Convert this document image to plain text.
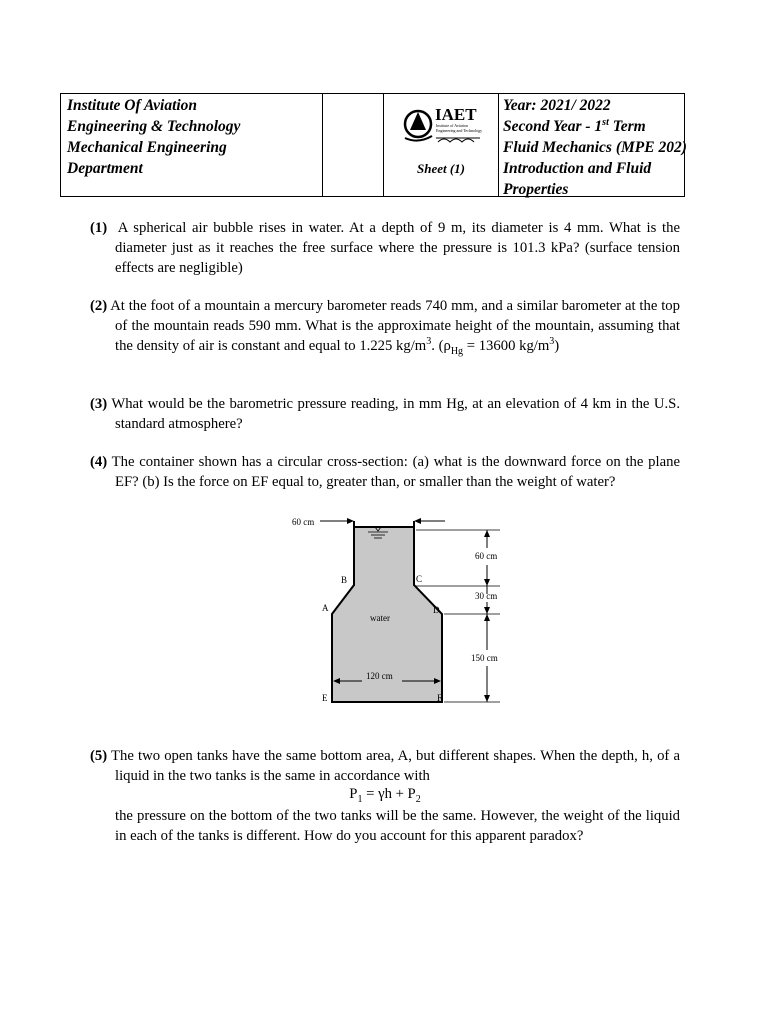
Institute Of Aviation
Engineering & Technology
Mechanical Engineering
Department
IAET
Institute of Aviation
Engineering and Technology
Sheet (1)
Year: 2021/ 2022
Second Year - 1st Term
Fluid Mechanics (MPE 202)
Introduction and Fluid
Properties

(1) A spherical air bubble rises in water. At a depth of 9 m, its diameter is 4 mm. What is the diameter just as it reaches the free surface where the pressure is 101.3 kPa? (surface tension effects are negligible)

(2) At the foot of a mountain a mercury barometer reads 740 mm, and a similar barometer at the top of the mountain reads 590 mm. What is the approximate height of the mountain, assuming that the density of air is constant and equal to 1.225 $kg/m^3$. ($\rho_{Hg} = 13600$ $kg/m^3$)

(3) What would be the barometric pressure reading, in mm Hg, at an elevation of 4 km in the U.S. standard atmosphere?

(4) The container shown has a circular cross-section: (a) what is the downward force on the plane EF? (b) Is the force on EF equal to, greater than, or smaller than the weight of water?

60 cm
60 cm
30 cm
150 cm
120 cm
water
B	C
A	D
E	F

(5) The two open tanks have the same bottom area, A, but different shapes. When the depth, h, of a liquid in the two tanks is the same in accordance with

$P_1 = \gamma h + P_2$

the pressure on the bottom of the two tanks will be the same. However, the weight of the liquid in each of the tanks is different. How do you account for this apparent paradox?
